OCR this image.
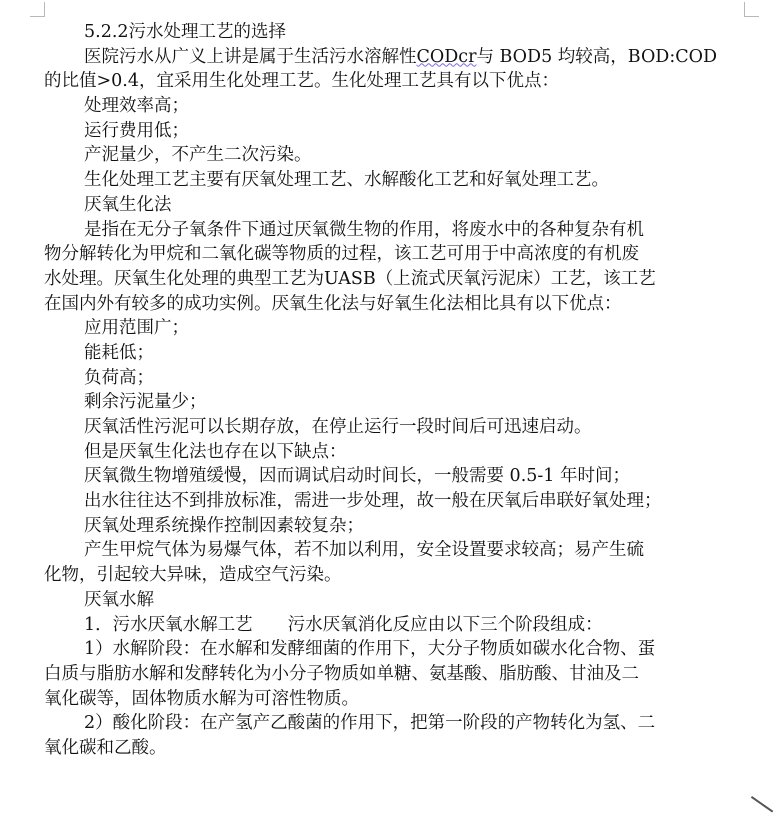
5.2.2污水处理工艺的选择
医院污水从广义上讲是属于生活污水溶解性CODcr与 BOD5 均较高，BOD:COD
的比值>0.4，宜采用生化处理工艺。生化处理工艺具有以下优点：
处理效率高；
运行费用低；
产泥量少，不产生二次污染。
生化处理工艺主要有厌氧处理工艺、水解酸化工艺和好氧处理工艺。
厌氧生化法
是指在无分子氧条件下通过厌氧微生物的作用，将废水中的各种复杂有机
物分解转化为甲烷和二氧化碳等物质的过程，该工艺可用于中高浓度的有机废
水处理。厌氧生化处理的典型工艺为UASB（上流式厌氧污泥床）工艺，该工艺
在国内外有较多的成功实例。厌氧生化法与好氧生化法相比具有以下优点：
应用范围广；
能耗低；
负荷高；
剩余污泥量少；
厌氧活性污泥可以长期存放，在停止运行一段时间后可迅速启动。
但是厌氧生化法也存在以下缺点：
厌氧微生物增殖缓慢，因而调试启动时间长，一般需要 0.5-1 年时间；
出水往往达不到排放标准，需进一步处理，故一般在厌氧后串联好氧处理；
厌氧处理系统操作控制因素较复杂；
产生甲烷气体为易爆气体，若不加以利用，安全设置要求较高；易产生硫
化物，引起较大异味，造成空气污染。
厌氧水解
1．污水厌氧水解工艺　　污水厌氧消化反应由以下三个阶段组成：
1）水解阶段：在水解和发酵细菌的作用下，大分子物质如碳水化合物、蛋
白质与脂肪水解和发酵转化为小分子物质如单糖、氨基酸、脂肪酸、甘油及二
氧化碳等，固体物质水解为可溶性物质。
2）酸化阶段：在产氢产乙酸菌的作用下，把第一阶段的产物转化为氢、二
氧化碳和乙酸。
